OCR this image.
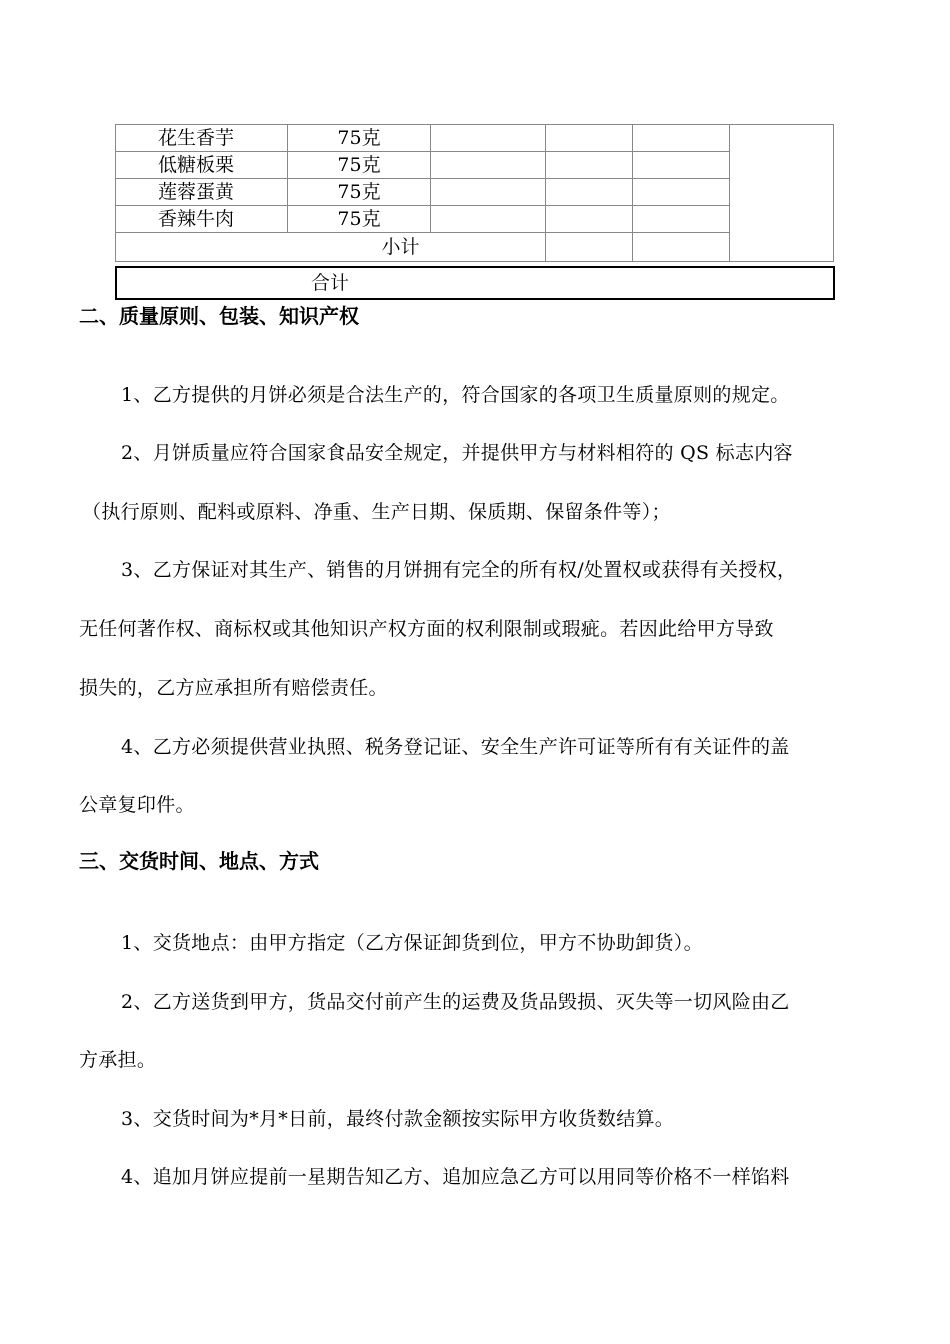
花生香芋	75克				
低糖板栗	75克				
莲蓉蛋黄	75克				
香辣牛肉	75克				
小计					
合计
二、质量原则、包装、知识产权
1、乙方提供的月饼必须是合法生产的，符合国家的各项卫生质量原则的规定。
2、月饼质量应符合国家食品安全规定，并提供甲方与材料相符的 QS 标志内容
（执行原则、配料或原料、净重、生产日期、保质期、保留条件等）；
3、乙方保证对其生产、销售的月饼拥有完全的所有权/处置权或获得有关授权，
无任何著作权、商标权或其他知识产权方面的权利限制或瑕疵。若因此给甲方导致
损失的，乙方应承担所有赔偿责任。
4、乙方必须提供营业执照、税务登记证、安全生产许可证等所有有关证件的盖
公章复印件。
三、交货时间、地点、方式
1、交货地点：由甲方指定（乙方保证卸货到位，甲方不协助卸货）。
2、乙方送货到甲方，货品交付前产生的运费及货品毁损、灭失等一切风险由乙
方承担。
3、交货时间为*月*日前，最终付款金额按实际甲方收货数结算。
4、追加月饼应提前一星期告知乙方、追加应急乙方可以用同等价格不一样馅料
